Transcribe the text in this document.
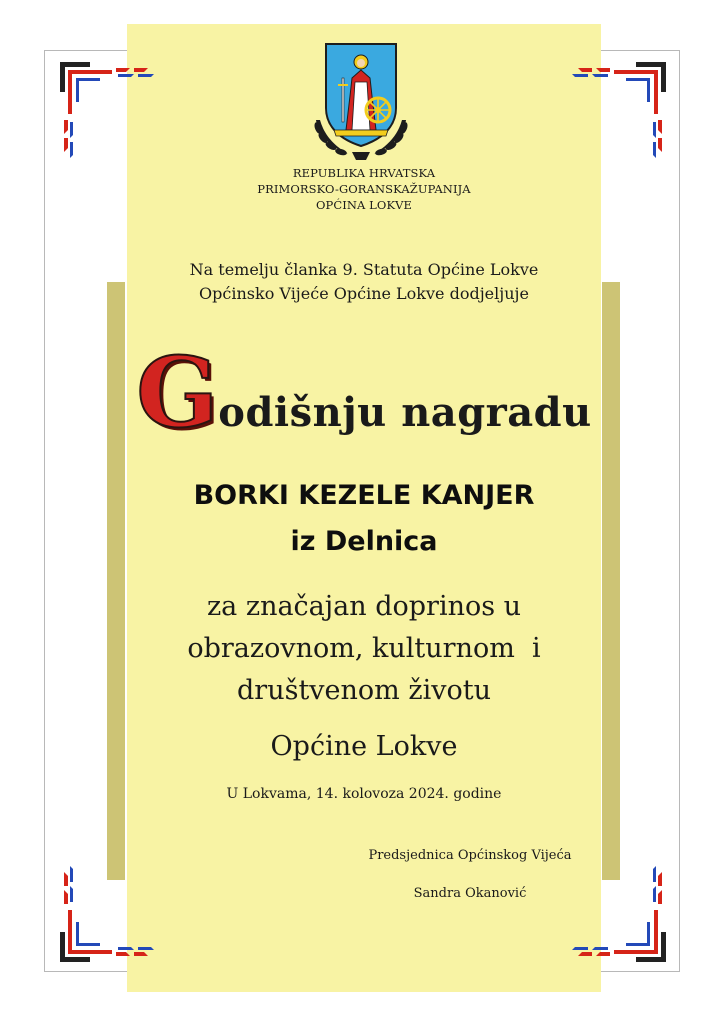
REPUBLIKA HRVATSKA
PRIMORSKO-GORANSKAŽUPANIJA
OPĆINA LOKVE
Na temelju članka 9. Statuta Općine Lokve
Općinsko Vijeće Općine Lokve dodjeljuje
Godišnju nagradu
BORKI KEZELE KANJER
iz Delnica
za značajan doprinos u
obrazovnom, kulturnom  i
društvenom životu
Općine Lokve
U Lokvama, 14. kolovoza 2024. godine
Predsjednica Općinskog Vijeća
Sandra Okanović
